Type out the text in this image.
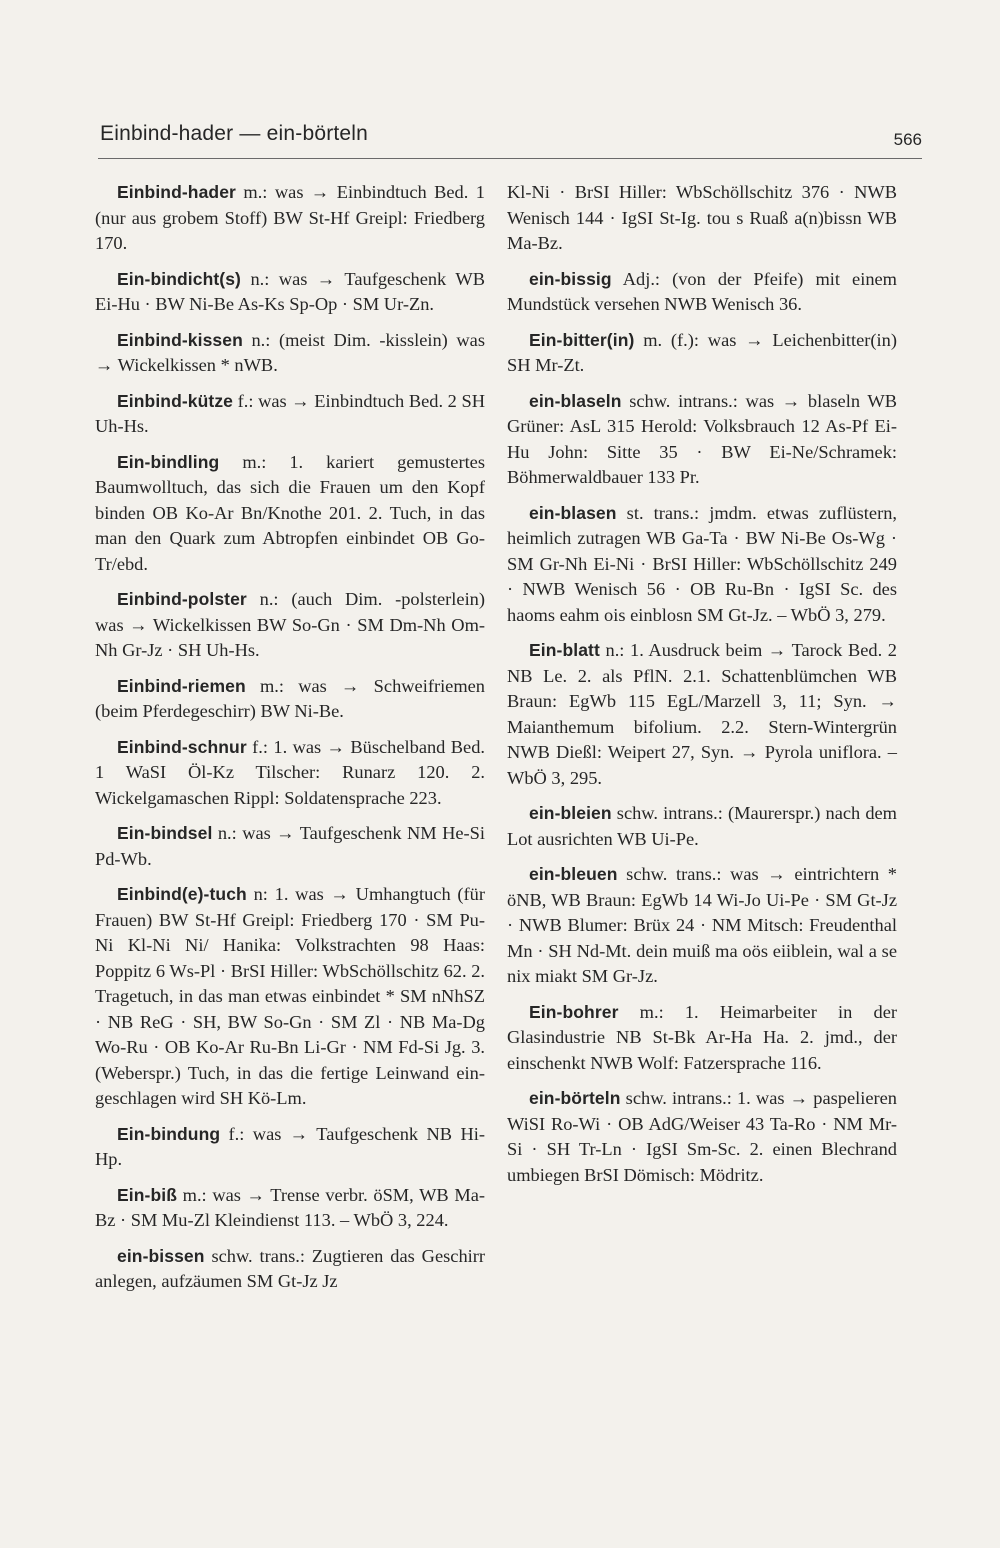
Einbind-hader — ein-börteln	566

Einbind-hader m.: was → Einbindtuch Bed. 1 (nur aus grobem Stoff) BW St-Hf Greipl: Friedberg 170.

Ein-bindicht(s) n.: was → Taufgeschenk WB Ei-Hu · BW Ni-Be As-Ks Sp-Op · SM Ur-Zn.

Einbind-kissen n.: (meist Dim. -kisslein) was → Wickelkissen * nWB.

Einbind-kütze f.: was → Einbindtuch Bed. 2 SH Uh-Hs.

Ein-bindling m.: 1. kariert gemustertes Baumwolltuch, das sich die Frauen um den Kopf binden OB Ko-Ar Bn/Knothe 201. 2. Tuch, in das man den Quark zum Abtropfen einbindet OB Go-Tr/ebd.

Einbind-polster n.: (auch Dim. -polsterlein) was → Wickelkissen BW So-Gn · SM Dm-Nh Om-Nh Gr-Jz · SH Uh-Hs.

Einbind-riemen m.: was → Schweifriemen (beim Pferdegeschirr) BW Ni-Be.

Einbind-schnur f.: 1. was → Büschelband Bed. 1 WaSI Öl-Kz Tilscher: Runarz 120. 2. Wickelgamaschen Rippl: Soldatensprache 223.

Ein-bindsel n.: was → Taufgeschenk NM He-Si Pd-Wb.

Einbind(e)-tuch n: 1. was → Umhangtuch (für Frauen) BW St-Hf Greipl: Friedberg 170 · SM Pu-Ni Kl-Ni Ni/ Hanika: Volkstrachten 98 Haas: Poppitz 6 Ws-Pl · BrSI Hiller: WbSchöllschitz 62. 2. Tragetuch, in das man etwas einbindet * SM nNhSZ · NB ReG · SH, BW So-Gn · SM Zl · NB Ma-Dg Wo-Ru · OB Ko-Ar Ru-Bn Li-Gr · NM Fd-Si Jg. 3. (Weberspr.) Tuch, in das die fertige Leinwand eingeschlagen wird SH Kö-Lm.

Ein-bindung f.: was → Taufgeschenk NB Hi-Hp.

Ein-biß m.: was → Trense verbr. öSM, WB Ma-Bz · SM Mu-Zl Kleindienst 113. – WbÖ 3, 224.

ein-bissen schw. trans.: Zugtieren das Geschirr anlegen, aufzäumen SM Gt-Jz Jz

Kl-Ni · BrSI Hiller: WbSchöllschitz 376 · NWB Wenisch 144 · IgSI St-Ig. tou s Ruaß a(n)bissn WB Ma-Bz.

ein-bissig Adj.: (von der Pfeife) mit einem Mundstück versehen NWB Wenisch 36.

Ein-bitter(in) m. (f.): was → Leichenbitter(in) SH Mr-Zt.

ein-blaseln schw. intrans.: was → blaseln WB Grüner: AsL 315 Herold: Volksbrauch 12 As-Pf Ei-Hu John: Sitte 35 · BW Ei-Ne/Schramek: Böhmerwaldbauer 133 Pr.

ein-blasen st. trans.: jmdm. etwas zuflüstern, heimlich zutragen WB Ga-Ta · BW Ni-Be Os-Wg · SM Gr-Nh Ei-Ni · BrSI Hiller: WbSchöllschitz 249 · NWB Wenisch 56 · OB Ru-Bn · IgSI Sc. des haoms eahm ois einblosn SM Gt-Jz. – WbÖ 3, 279.

Ein-blatt n.: 1. Ausdruck beim → Tarock Bed. 2 NB Le. 2. als PflN. 2.1. Schattenblümchen WB Braun: EgWb 115 EgL/Marzell 3, 11; Syn. → Maianthemum bifolium. 2.2. Stern-Wintergrün NWB Dießl: Weipert 27, Syn. → Pyrola uniflora. – WbÖ 3, 295.

ein-bleien schw. intrans.: (Maurerspr.) nach dem Lot ausrichten WB Ui-Pe.

ein-bleuen schw. trans.: was → eintrichtern * öNB, WB Braun: EgWb 14 Wi-Jo Ui-Pe · SM Gt-Jz · NWB Blumer: Brüx 24 · NM Mitsch: Freudenthal Mn · SH Nd-Mt. dein muiß ma oös eiiblein, wal a se nix miakt SM Gr-Jz.

Ein-bohrer m.: 1. Heimarbeiter in der Glasindustrie NB St-Bk Ar-Ha Ha. 2. jmd., der einschenkt NWB Wolf: Fatzersprache 116.

ein-börteln schw. intrans.: 1. was → paspelieren WiSI Ro-Wi · OB AdG/Weiser 43 Ta-Ro · NM Mr-Si · SH Tr-Ln · IgSI Sm-Sc. 2. einen Blechrand umbiegen BrSI Dömisch: Mödritz.
